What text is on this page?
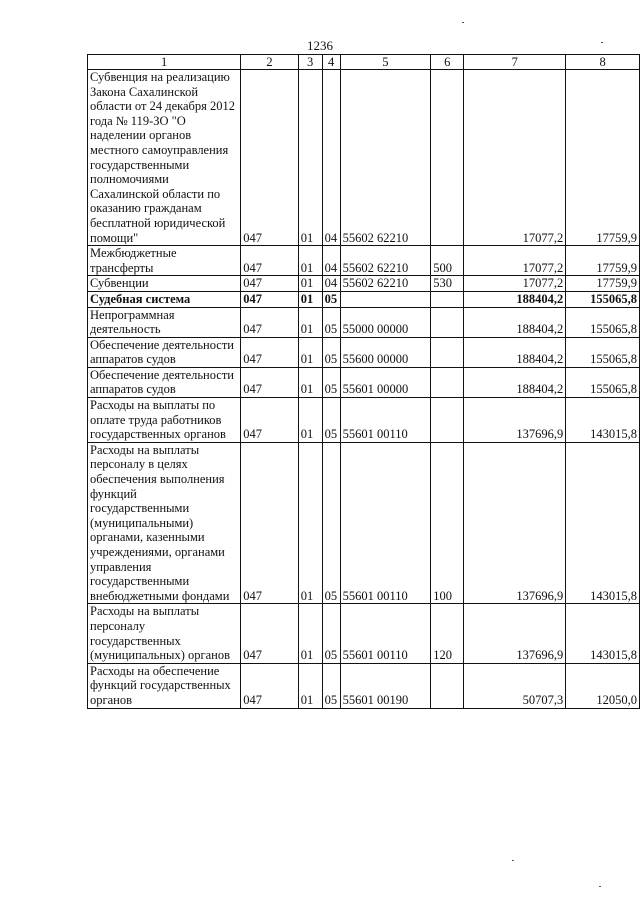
1236
1	2	3	4	5	6	7	8
Субвенция на реализацию Закона Сахалинской области от 24 декабря 2012 года № 119-ЗО "О наделении органов местного самоуправления государственными полномочиями Сахалинской области по оказанию гражданам бесплатной юридической помощи"	047	01	04	55602 62210		17077,2	17759,9
Межбюджетные трансферты	047	01	04	55602 62210	500	17077,2	17759,9
Субвенции	047	01	04	55602 62210	530	17077,2	17759,9
Судебная система	047	01	05			188404,2	155065,8
Непрограммная деятельность	047	01	05	55000 00000		188404,2	155065,8
Обеспечение деятельности аппаратов судов	047	01	05	55600 00000		188404,2	155065,8
Обеспечение деятельности аппаратов судов	047	01	05	55601 00000		188404,2	155065,8
Расходы на выплаты по оплате труда работников государственных органов	047	01	05	55601 00110		137696,9	143015,8
Расходы на выплаты персоналу в целях обеспечения выполнения функций государственными (муниципальными) органами, казенными учреждениями, органами управления государственными внебюджетными фондами	047	01	05	55601 00110	100	137696,9	143015,8
Расходы на выплаты персоналу государственных (муниципальных) органов	047	01	05	55601 00110	120	137696,9	143015,8
Расходы на обеспечение функций государственных органов	047	01	05	55601 00190		50707,3	12050,0
